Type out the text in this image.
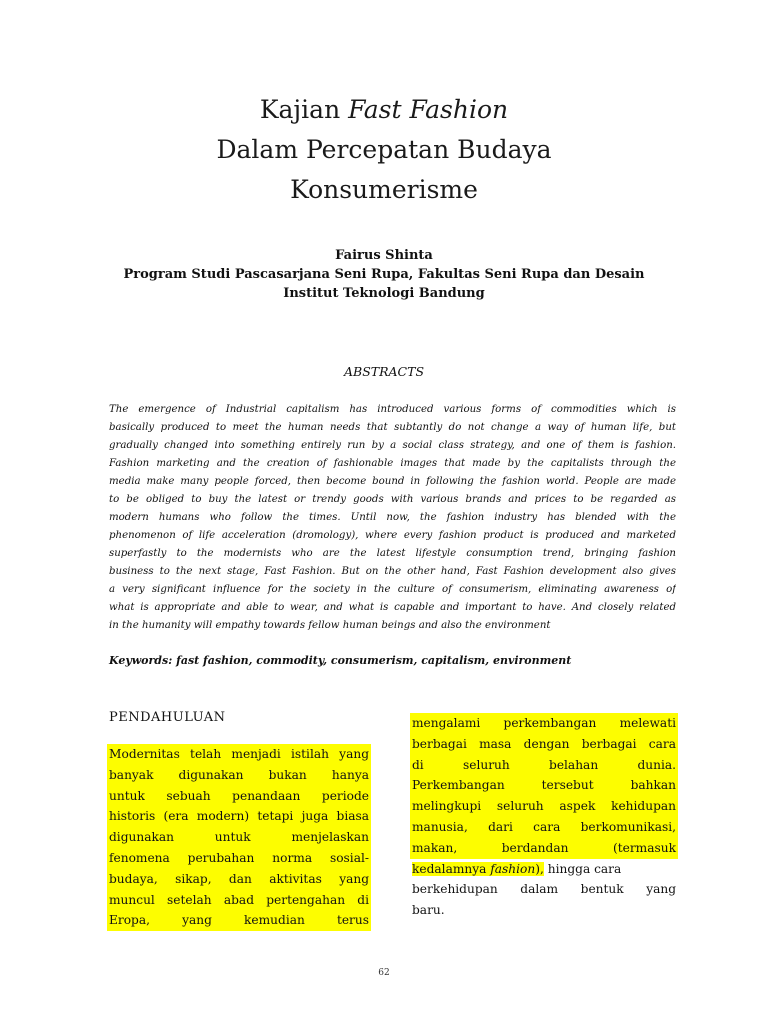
Kajian Fast Fashion
Dalam Percepatan Budaya
Konsumerisme
Fairus Shinta
Program Studi Pascasarjana Seni Rupa, Fakultas Seni Rupa dan Desain
Institut Teknologi Bandung
ABSTRACTS
The emergence of Industrial capitalism has introduced various forms of commodities which is
basically produced to meet the human needs that subtantly do not change a way of human life, but
gradually changed into something entirely run by a social class strategy, and one of them is fashion.
Fashion marketing and the creation of fashionable images that made by the capitalists through the
media make many people forced, then become bound in following the fashion world. People are made
to be obliged to buy the latest or trendy goods with various brands and prices to be regarded as
modern humans who follow the times. Until now, the fashion industry has blended with the
phenomenon of life acceleration (dromology), where every fashion product is produced and marketed
superfastly to the modernists who are the latest lifestyle consumption trend, bringing fashion
business to the next stage, Fast Fashion. But on the other hand, Fast Fashion development also gives
a very significant influence for the society in the culture of consumerism, eliminating awareness of
what is appropriate and able to wear, and what is capable and important to have. And closely related
in the humanity will empathy towards fellow human beings and also the environment
Keywords: fast fashion, commodity, consumerism, capitalism, environment
PENDAHULUAN
Modernitas telah menjadi istilah yang
banyak digunakan bukan hanya
untuk sebuah penandaan periode
historis (era modern) tetapi juga biasa
digunakan untuk menjelaskan
fenomena perubahan norma sosial-
budaya, sikap, dan aktivitas yang
muncul setelah abad pertengahan di
Eropa, yang kemudian terus
mengalami perkembangan melewati
berbagai masa dengan berbagai cara
di seluruh belahan dunia.
Perkembangan tersebut bahkan
melingkupi seluruh aspek kehidupan
manusia, dari cara berkomunikasi,
makan, berdandan (termasuk
kedalamnya fashion), hingga cara
berkehidupan dalam bentuk yang
baru.
62
